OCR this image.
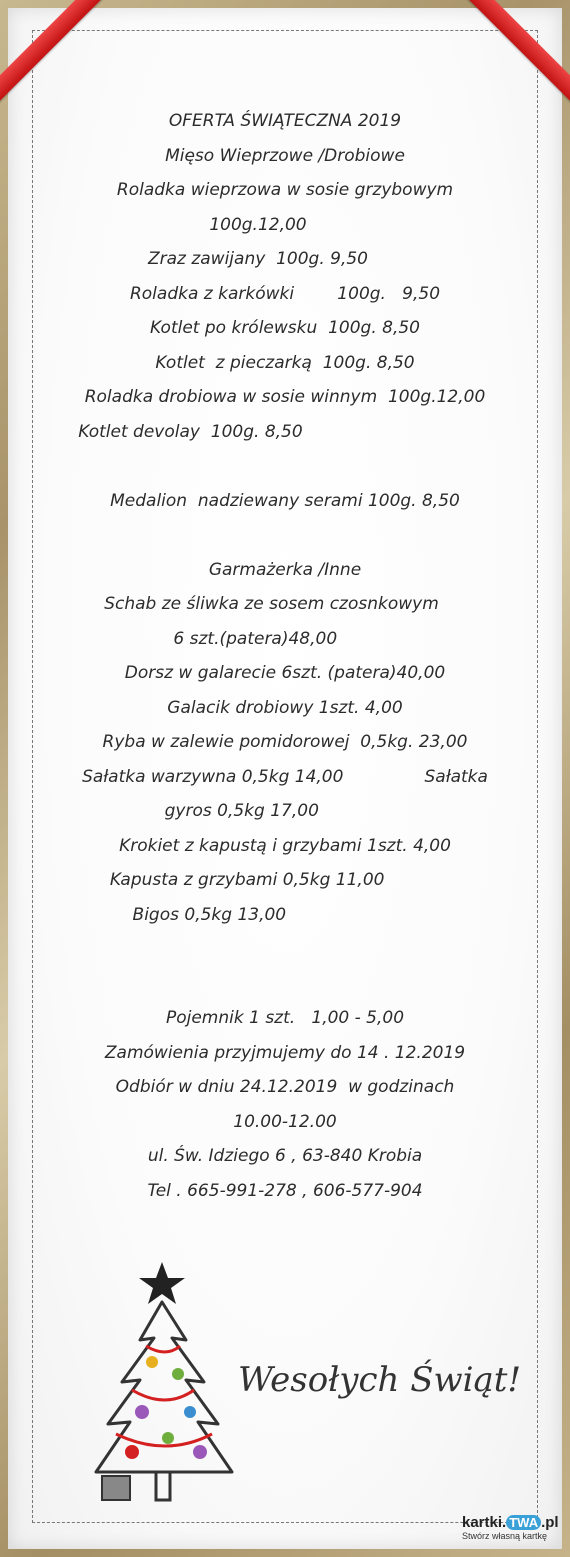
OFERTA ŚWIĄTECZNA 2019
Mięso Wieprzowe /Drobiowe
Roladka wieprzowa w sosie grzybowym
100g.12,00
Zraz zawijany  100g. 9,50
Roladka z karkówki        100g.   9,50
Kotlet po królewsku  100g. 8,50
Kotlet  z pieczarką  100g. 8,50
Roladka drobiowa w sosie winnym  100g.12,00
Kotlet devolay  100g. 8,50
Medalion  nadziewany serami 100g. 8,50
Garmażerka /Inne
Schab ze śliwka ze sosem czosnkowym
6 szt.(patera)48,00
Dorsz w galarecie 6szt. (patera)40,00
Galacik drobiowy 1szt. 4,00
Ryba w zalewie pomidorowej  0,5kg. 23,00
Sałatka warzywna 0,5kg 14,00               Sałatka
gyros 0,5kg 17,00
Krokiet z kapustą i grzybami 1szt. 4,00
Kapusta z grzybami 0,5kg 11,00
Bigos 0,5kg 13,00
Pojemnik 1 szt.   1,00 - 5,00
Zamówienia przyjmujemy do 14 . 12.2019
Odbiór w dniu 24.12.2019  w godzinach
10.00-12.00
ul. Św. Idziego 6 , 63-840 Krobia
Tel . 665-991-278 , 606-577-904
Wesołych Świąt!
kartki. TWA .pl
Stwórz własną kartkę
